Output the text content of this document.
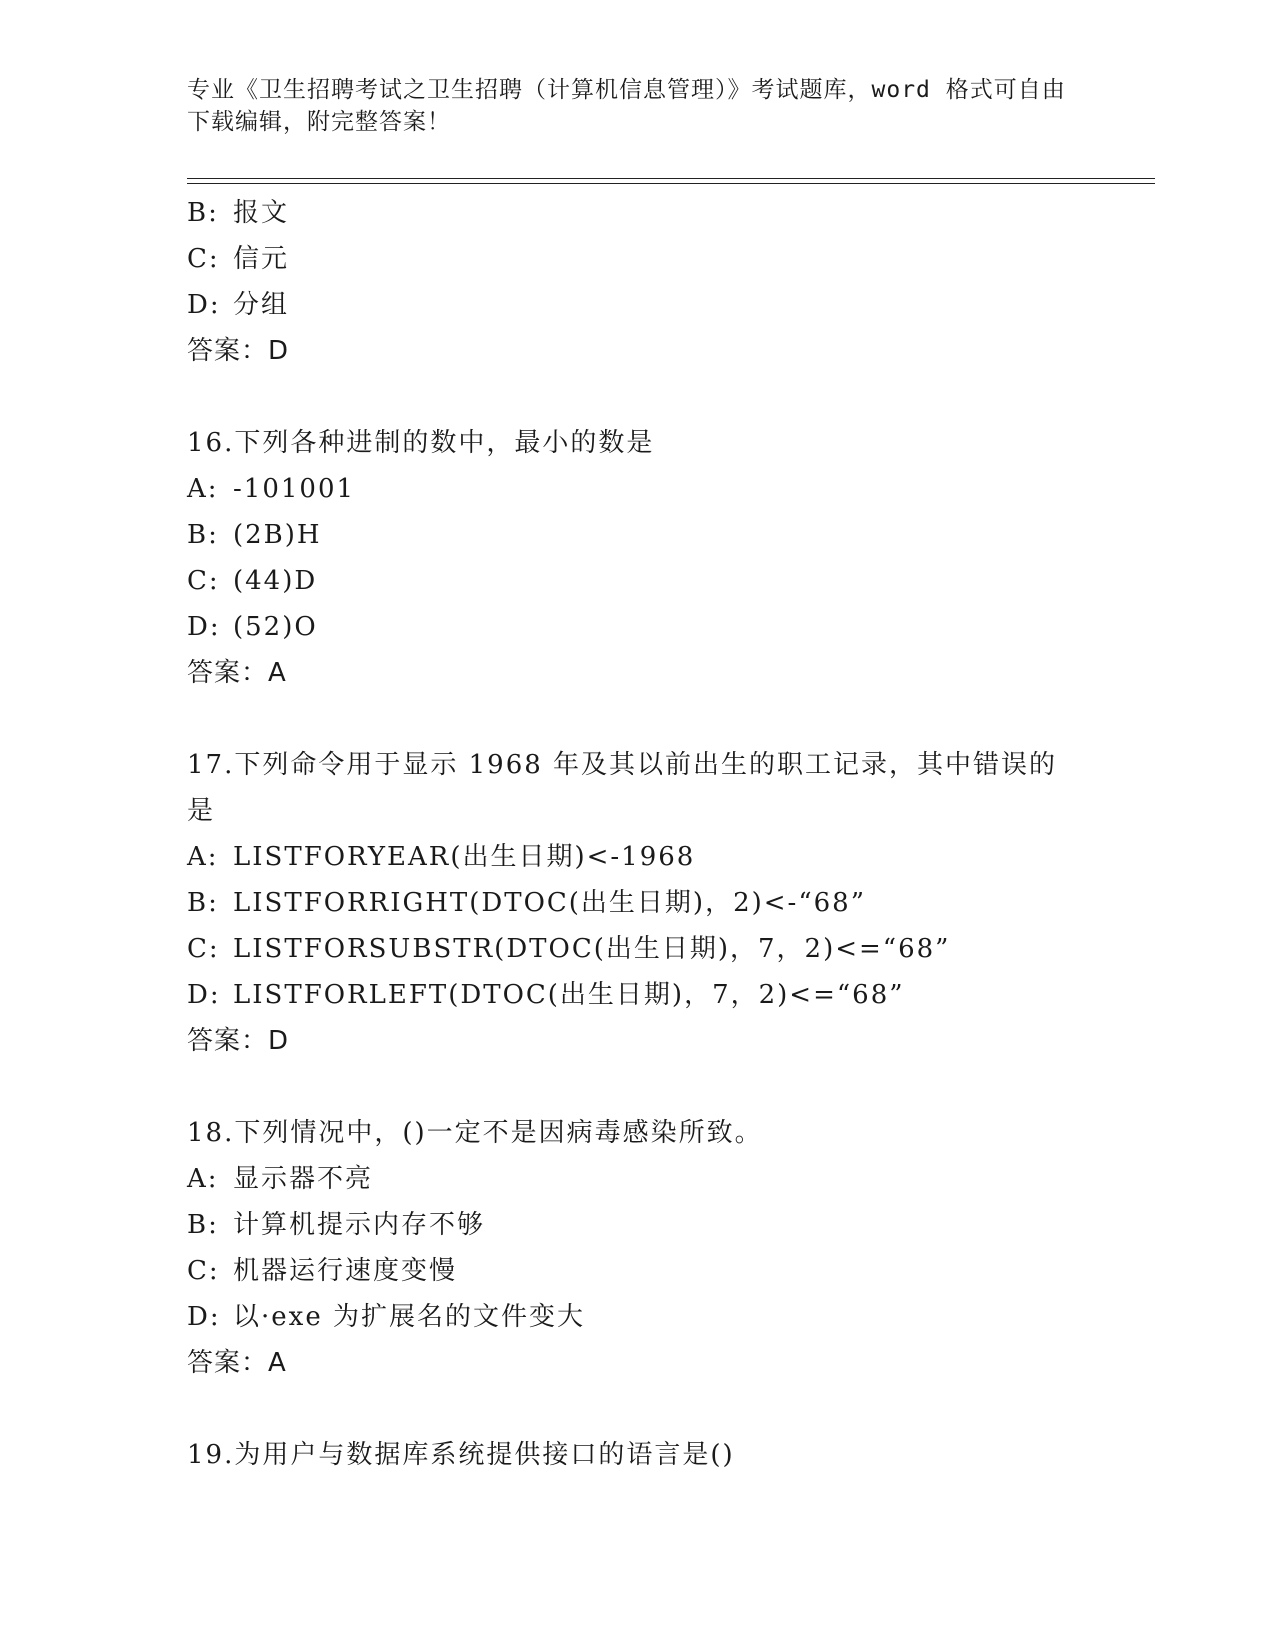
专业《卫生招聘考试之卫生招聘（计算机信息管理）》考试题库，word 格式可自由下载编辑，附完整答案！
B: 报文
C: 信元
D: 分组
答案：D
16.下列各种进制的数中，最小的数是
A: -101001
B: (2B)H
C: (44)D
D: (52)O
答案：A
17.下列命令用于显示 1968 年及其以前出生的职工记录，其中错误的
是
A: LISTFORYEAR(出生日期)<-1968
B: LISTFORRIGHT(DTOC(出生日期)，2)<-“68”
C: LISTFORSUBSTR(DTOC(出生日期)，7，2)<=“68”
D: LISTFORLEFT(DTOC(出生日期)，7，2)<=“68”
答案：D
18.下列情况中，()一定不是因病毒感染所致。
A: 显示器不亮
B: 计算机提示内存不够
C: 机器运行速度变慢
D: 以·exe 为扩展名的文件变大
答案：A
19.为用户与数据库系统提供接口的语言是()
